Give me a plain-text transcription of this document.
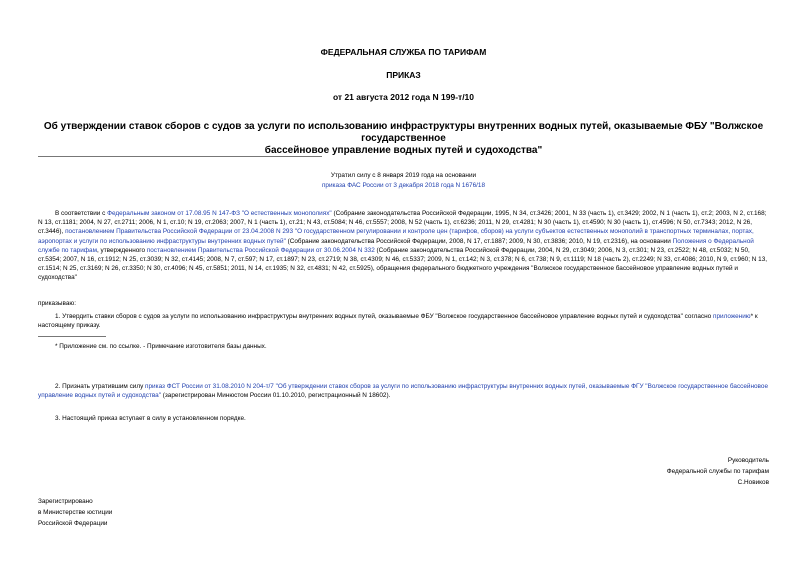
ФЕДЕРАЛЬНАЯ СЛУЖБА ПО ТАРИФАМ
ПРИКАЗ
от 21 августа 2012 года N 199-т/10
Об утверждении ставок сборов с судов за услуги по использованию инфраструктуры внутренних водных путей, оказываемые ФБУ "Волжское государственное
бассейновое управление водных путей и судоходства"
Утратил силу с 8 января 2019 года на основании
приказа ФАС России от 3 декабря 2018 года N 1676/18
В соответствии с Федеральным законом от 17.08.95 N 147-ФЗ "О естественных монополиях" (Собрание законодательства Российской Федерации, 1995, N 34, ст.3426; 2001, N 33 (часть 1), ст.3429; 2002, N 1 (часть 1), ст.2; 2003, N 2, ст.168; N 13, ст.1181; 2004, N 27, ст.2711; 2006, N 1, ст.10; N 19, ст.2063; 2007, N 1 (часть 1), ст.21; N 43, ст.5084; N 46, ст.5557; 2008, N 52 (часть 1), ст.6236; 2011, N 29, ст.4281; N 30 (часть 1), ст.4590; N 30 (часть 1), ст.4596; N 50, ст.7343; 2012, N 26, ст.3446), постановлением Правительства Российской Федерации от 23.04.2008 N 293 "О государственном регулировании и контроле цен (тарифов, сборов) на услуги субъектов естественных монополий в транспортных терминалах, портах, аэропортах и услуги по использованию инфраструктуры внутренних водных путей" (Собрание законодательства Российской Федерации, 2008, N 17, ст.1887; 2009, N 30, ст.3836; 2010, N 19, ст.2316), на основании Положения о Федеральной службе по тарифам, утвержденного постановлением Правительства Российской Федерации от 30.06.2004 N 332 (Собрание законодательства Российской Федерации, 2004, N 29, ст.3049; 2006, N 3, ст.301; N 23, ст.2522; N 48, ст.5032; N 50, ст.5354; 2007, N 16, ст.1912; N 25, ст.3039; N 32, ст.4145; 2008, N 7, ст.597; N 17, ст.1897; N 23, ст.2719; N 38, ст.4309; N 46, ст.5337; 2009, N 1, ст.142; N 3, ст.378; N 6, ст.738; N 9, ст.1119; N 18 (часть 2), ст.2249; N 33, ст.4086; 2010, N 9, ст.960; N 13, ст.1514; N 25, ст.3169; N 26, ст.3350; N 30, ст.4096; N 45, ст.5851; 2011, N 14, ст.1935; N 32, ст.4831; N 42, ст.5925), обращения федерального бюджетного учреждения "Волжское государственное бассейновое управление водных путей и судоходства"
приказываю:
1. Утвердить ставки сборов с судов за услуги по использованию инфраструктуры внутренних водных путей, оказываемые ФБУ "Волжское государственное бассейновое управление водных путей и судоходства" согласно приложению* к настоящему приказу.
* Приложение см. по ссылке. - Примечание изготовителя базы данных.
2. Признать утратившим силу приказ ФСТ России от 31.08.2010 N 204-т/7 "Об утверждении ставок сборов за услуги по использованию инфраструктуры внутренних водных путей, оказываемые ФГУ "Волжское государственное бассейновое управление водных путей и судоходства" (зарегистрирован Минюстом России 01.10.2010, регистрационный N 18602).
3. Настоящий приказ вступает в силу в установленном порядке.
Руководитель
Федеральной службы по тарифам
С.Новиков
Зарегистрировано
в Министерстве юстиции
Российской Федерации
